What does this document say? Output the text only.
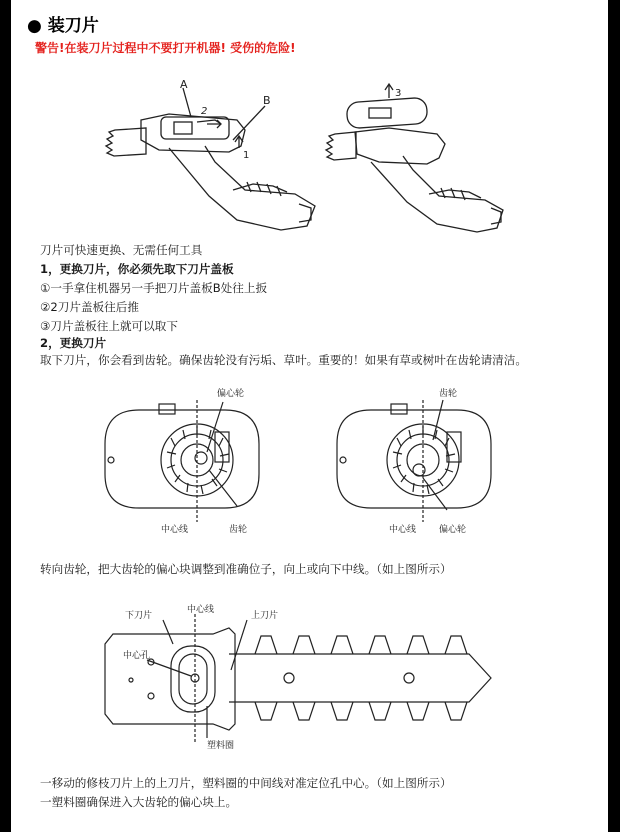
● 装刀片
警告!在装刀片过程中不要打开机器! 受伤的危险!
A
B
2
1
3
刀片可快速更换、无需任何工具
1，更换刀片，你必须先取下刀片盖板
①一手拿住机器另一手把刀片盖板B处往上扳
②2刀片盖板往后推
③刀片盖板往上就可以取下
2，更换刀片
取下刀片，你会看到齿轮。确保齿轮没有污垢、草叶。重要的！如果有草或树叶在齿轮请清洁。
偏心轮
中心线	齿轮
齿轮
中心线	偏心轮
转向齿轮，把大齿轮的偏心块调整到准确位子，向上或向下中线。（如上图所示）
下刀片
中心线
上刀片
中心孔
塑料圈
一移动的修枝刀片上的上刀片，塑料圈的中间线对准定位孔中心。（如上图所示）
一塑料圈确保进入大齿轮的偏心块上。
